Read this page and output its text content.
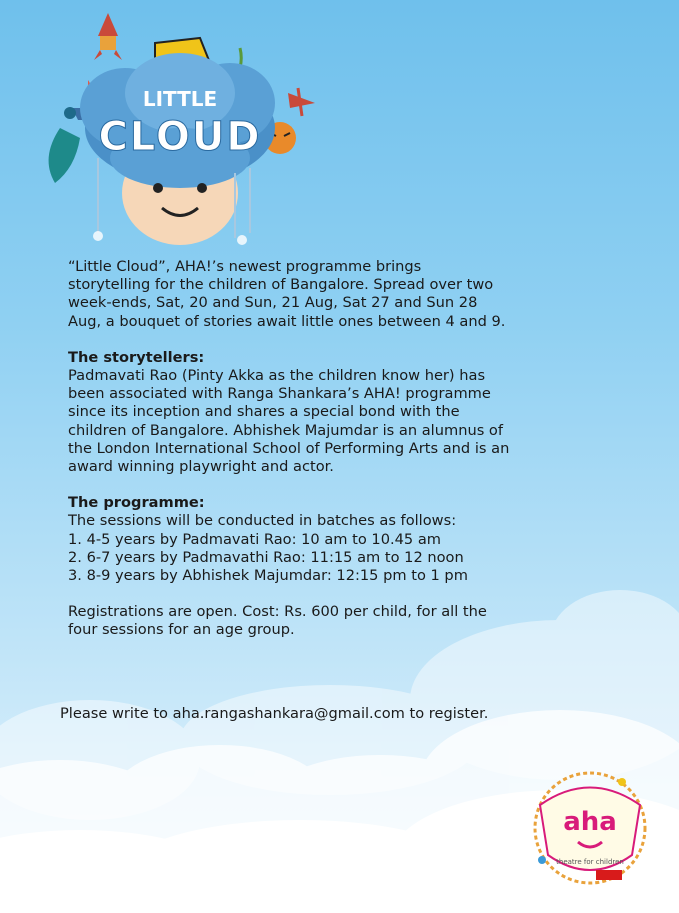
LITTLE
CLOUD

“Little Cloud”, AHA!’s newest programme brings

storytelling for the children of Bangalore. Spread over two

week-ends, Sat, 20 and Sun, 21 Aug, Sat 27 and Sun 28

Aug, a bouquet of stories await little ones between 4 and 9.

The storytellers:

Padmavati Rao (Pinty Akka as the children know her) has

been associated with Ranga Shankara’s AHA! programme

since its inception and shares a special bond with the

children of Bangalore. Abhishek Majumdar is an alumnus of

the London International School of Performing Arts and is an

award winning playwright and actor.

The programme:

The sessions will be conducted in batches as follows:

1. 4-5 years by Padmavati Rao: 10 am to 10.45 am

2. 6-7 years by Padmavathi Rao: 11:15 am to 12 noon

3. 8-9 years by Abhishek Majumdar: 12:15 pm to 1 pm

Registrations are open. Cost: Rs. 600 per child, for all the

four sessions for an age group.

Please write to aha.rangashankara@gmail.com to register.
aha
theatre for children
